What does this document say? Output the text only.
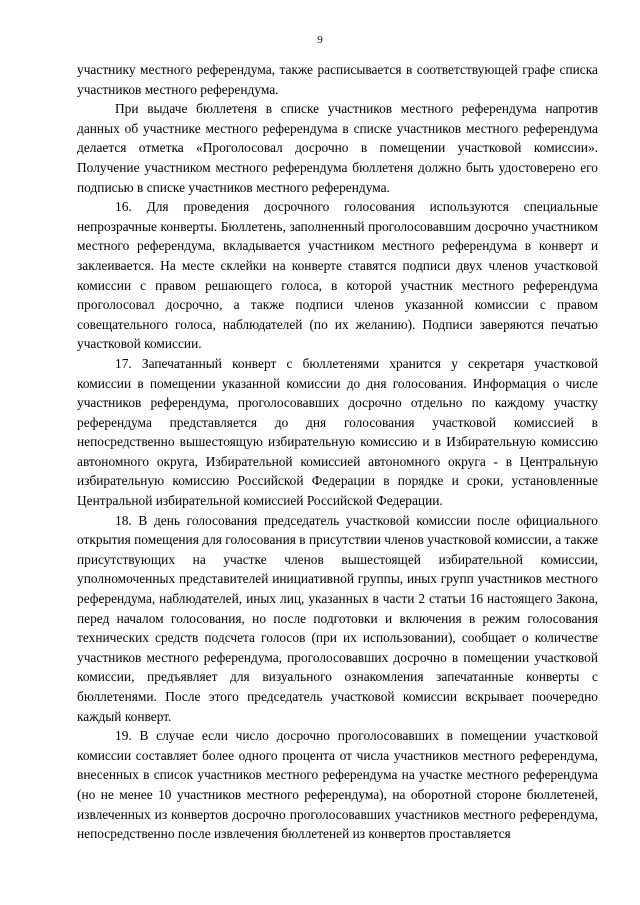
9

участнику местного референдума, также расписывается в соответствующей графе списка участников местного референдума.

При выдаче бюллетеня в списке участников местного референдума напротив данных об участнике местного референдума в списке участников местного референдума делается отметка «Проголосовал досрочно в помещении участковой комиссии». Получение участником местного референдума бюллетеня должно быть удостоверено его подписью в списке участников местного референдума.

16. Для проведения досрочного голосования используются специальные непрозрачные конверты. Бюллетень, заполненный проголосовавшим досрочно участником местного референдума, вкладывается участником местного референдума в конверт и заклеивается. На месте склейки на конверте ставятся подписи двух членов участковой комиссии с правом решающего голоса, в которой участник местного референдума проголосовал досрочно, а также подписи членов указанной комиссии с правом совещательного голоса, наблюдателей (по их желанию). Подписи заверяются печатью участковой комиссии.

17. Запечатанный конверт с бюллетенями хранится у секретаря участковой комиссии в помещении указанной комиссии до дня голосования. Информация о числе участников референдума, проголосовавших досрочно отдельно по каждому участку референдума представляется до дня голосования участковой комиссией в непосредственно вышестоящую избирательную комиссию и в Избирательную комиссию автономного округа, Избирательной комиссией автономного округа - в Центральную избирательную комиссию Российской Федерации в порядке и сроки, установленные Центральной избирательной комиссией Российской Федерации.

18. В день голосования председатель участковой комиссии после официального открытия помещения для голосования в присутствии членов участковой комиссии, а также присутствующих на участке членов вышестоящей избирательной комиссии, уполномоченных представителей инициативной группы, иных групп участников местного референдума, наблюдателей, иных лиц, указанных в части 2 статьи 16 настоящего Закона, перед началом голосования, но после подготовки и включения в режим голосования технических средств подсчета голосов (при их использовании), сообщает о количестве участников местного референдума, проголосовавших досрочно в помещении участковой комиссии, предъявляет для визуального ознакомления запечатанные конверты с бюллетенями. После этого председатель участковой комиссии вскрывает поочередно каждый конверт.

19. В случае если число досрочно проголосовавших в помещении участковой комиссии составляет более одного процента от числа участников местного референдума, внесенных в список участников местного референдума на участке местного референдума (но не менее 10 участников местного референдума), на оборотной стороне бюллетеней, извлеченных из конвертов досрочно проголосовавших участников местного референдума, непосредственно после извлечения бюллетеней из конвертов проставляется
